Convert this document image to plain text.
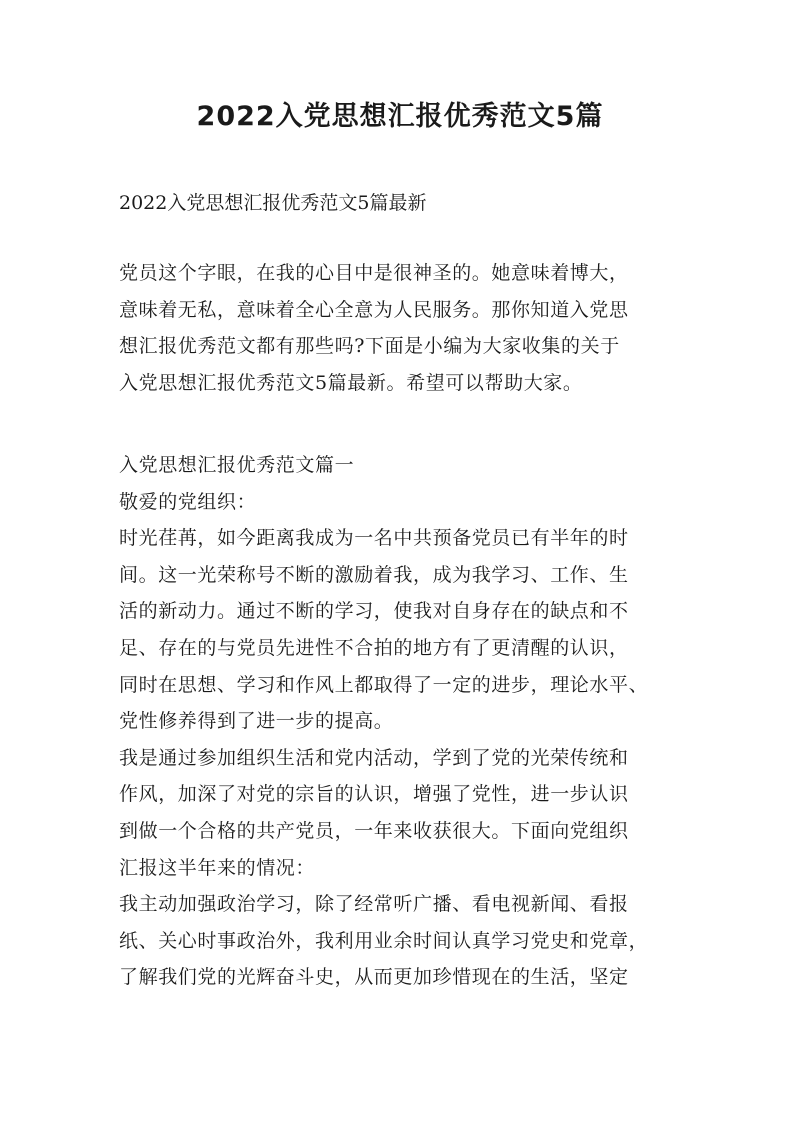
2022入党思想汇报优秀范文5篇
2022入党思想汇报优秀范文5篇最新
党员这个字眼，在我的心目中是很神圣的。她意味着博大，
意味着无私，意味着全心全意为人民服务。那你知道入党思
想汇报优秀范文都有那些吗?下面是小编为大家收集的关于
入党思想汇报优秀范文5篇最新。希望可以帮助大家。
入党思想汇报优秀范文篇一
敬爱的党组织：
时光荏苒，如今距离我成为一名中共预备党员已有半年的时
间。这一光荣称号不断的激励着我，成为我学习、工作、生
活的新动力。通过不断的学习，使我对自身存在的缺点和不
足、存在的与党员先进性不合拍的地方有了更清醒的认识，
同时在思想、学习和作风上都取得了一定的进步，理论水平、
党性修养得到了进一步的提高。
我是通过参加组织生活和党内活动，学到了党的光荣传统和
作风，加深了对党的宗旨的认识，增强了党性，进一步认识
到做一个合格的共产党员，一年来收获很大。下面向党组织
汇报这半年来的情况：
我主动加强政治学习，除了经常听广播、看电视新闻、看报
纸、关心时事政治外，我利用业余时间认真学习党史和党章，
了解我们党的光辉奋斗史，从而更加珍惜现在的生活，坚定
